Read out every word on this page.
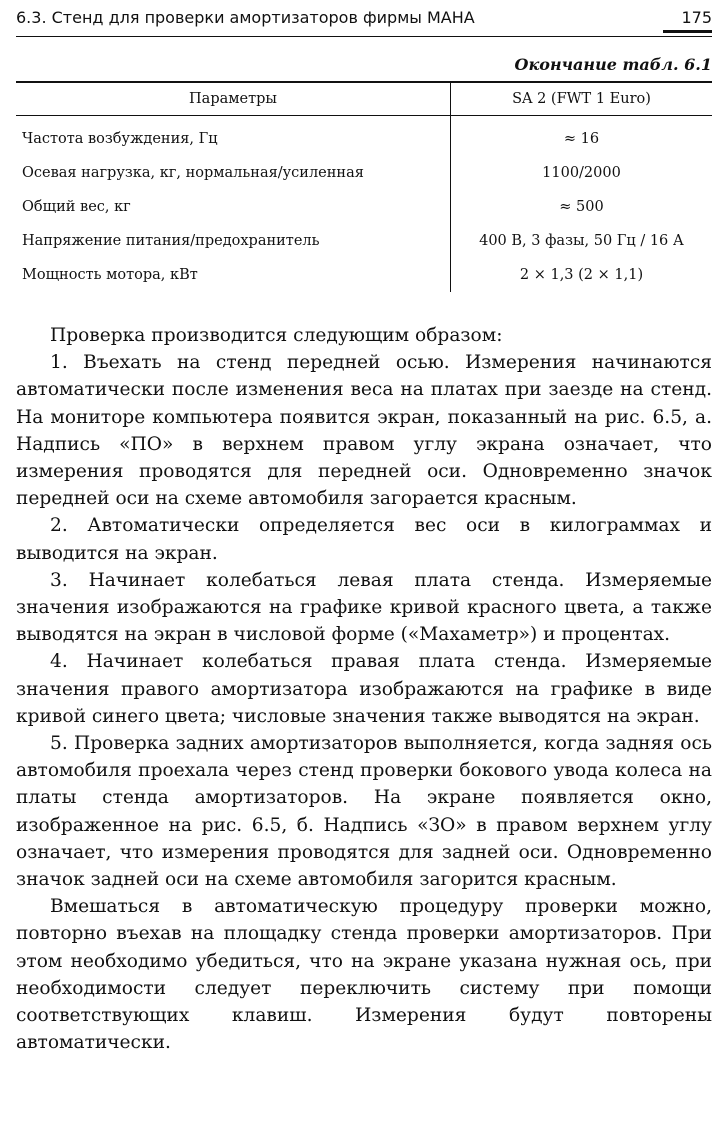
6.3. Стенд для проверки амортизаторов фирмы МАНА	175
Окончание табл. 6.1
Параметры	SA 2 (FWT 1 Euro)
Частота возбуждения, Гц	≈ 16
Осевая нагрузка, кг, нормальная/усиленная	1100/2000
Общий вес, кг	≈ 500
Напряжение питания/предохранитель	400 В, 3 фазы, 50 Гц / 16 А
Мощность мотора, кВт	2 × 1,3 (2 × 1,1)

Проверка производится следующим образом:

1. Въехать на стенд передней осью. Измерения начинаются автоматически после изменения веса на платах при заезде на стенд. На мониторе компьютера появится экран, показанный на рис. 6.5, а. Надпись «ПО» в верхнем правом углу экрана означает, что измерения проводятся для передней оси. Одновременно значок передней оси на схеме автомобиля загорается красным.

2. Автоматически определяется вес оси в килограммах и выводится на экран.

3. Начинает колебаться левая плата стенда. Измеряемые значения изображаются на графике кривой красного цвета, а также выводятся на экран в числовой форме («Махаметр») и процентах.

4. Начинает колебаться правая плата стенда. Измеряемые значения правого амортизатора изображаются на графике в виде кривой синего цвета; числовые значения также выводятся на экран.

5. Проверка задних амортизаторов выполняется, когда задняя ось автомобиля проехала через стенд проверки бокового увода колеса на платы стенда амортизаторов. На экране появляется окно, изображенное на рис. 6.5, б. Надпись «ЗО» в правом верхнем углу означает, что измерения проводятся для задней оси. Одновременно значок задней оси на схеме автомобиля загорится красным.

Вмешаться в автоматическую процедуру проверки можно, повторно въехав на площадку стенда проверки амортизаторов. При этом необходимо убедиться, что на экране указана нужная ось, при необходимости следует переключить систему при помощи соответствующих клавиш. Измерения будут повторены автоматически.
